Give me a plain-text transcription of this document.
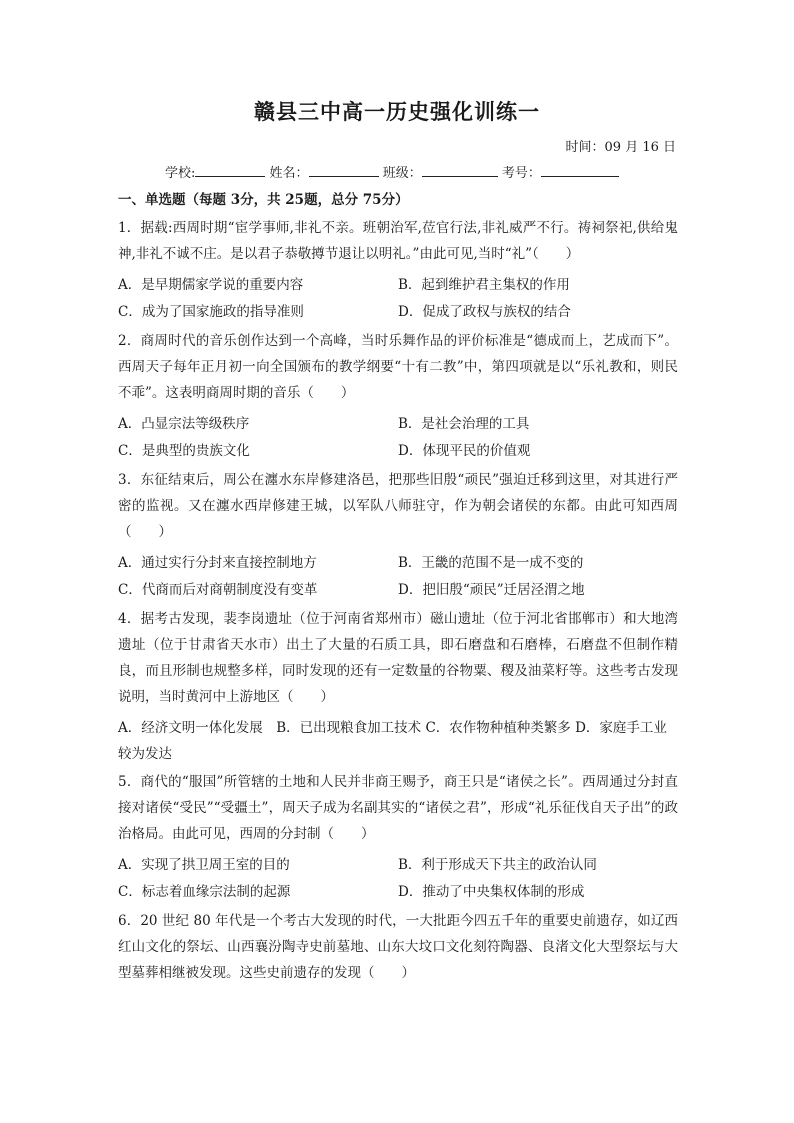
赣县三中高一历史强化训练一
时间：09 月 16 日
学校:	姓名：	班级：	考号：
一、单选题（每题 3分，共 25题，总分 75分）

1．据载:西周时期“宦学事师,非礼不亲。班朝治军,莅官行法,非礼威严不行。祷祠祭祀,供给鬼神,非礼不诚不庄。是以君子恭敬撙节退让以明礼。”由此可见,当时“礼”（　　）

A．是早期儒家学说的重要内容	B．起到维护君主集权的作用
C．成为了国家施政的指导准则	D．促成了政权与族权的结合

2．商周时代的音乐创作达到一个高峰，当时乐舞作品的评价标准是“德成而上，艺成而下”。西周天子每年正月初一向全国颁布的教学纲要“十有二教”中，第四项就是以“乐礼教和，则民不乖”。这表明商周时期的音乐（　　）

A．凸显宗法等级秩序	B．是社会治理的工具
C．是典型的贵族文化	D．体现平民的价值观

3．东征结束后，周公在瀍水东岸修建洛邑，把那些旧殷“顽民”强迫迁移到这里，对其进行严密的监视。又在瀍水西岸修建王城，以军队八师驻守，作为朝会诸侯的东都。由此可知西周（　　）

A．通过实行分封来直接控制地方	B．王畿的范围不是一成不变的
C．代商而后对商朝制度没有变革	D．把旧殷“顽民”迁居泾渭之地

4．据考古发现，裴李岗遗址（位于河南省郑州市）磁山遗址（位于河北省邯郸市）和大地湾遗址（位于甘肃省天水市）出土了大量的石质工具，即石磨盘和石磨棒，石磨盘不但制作精良，而且形制也规整多样，同时发现的还有一定数量的谷物粟、稷及油菜籽等。这些考古发现说明，当时黄河中上游地区（　　）

A．经济文明一体化发展　B．已出现粮食加工技术 C．农作物种植种类繁多 D．家庭手工业较为发达

5．商代的“服国”所管辖的土地和人民并非商王赐予，商王只是“诸侯之长”。西周通过分封直接对诸侯“受民”“受疆土”，周天子成为名副其实的“诸侯之君”，形成“礼乐征伐自天子出”的政治格局。由此可见，西周的分封制（　　）

A．实现了拱卫周王室的目的	B．利于形成天下共主的政治认同
C．标志着血缘宗法制的起源	D．推动了中央集权体制的形成

6．20 世纪 80 年代是一个考古大发现的时代，一大批距今四五千年的重要史前遗存，如辽西红山文化的祭坛、山西襄汾陶寺史前墓地、山东大坟口文化刻符陶器、良渚文化大型祭坛与大型墓葬相继被发现。这些史前遗存的发现（　　）
